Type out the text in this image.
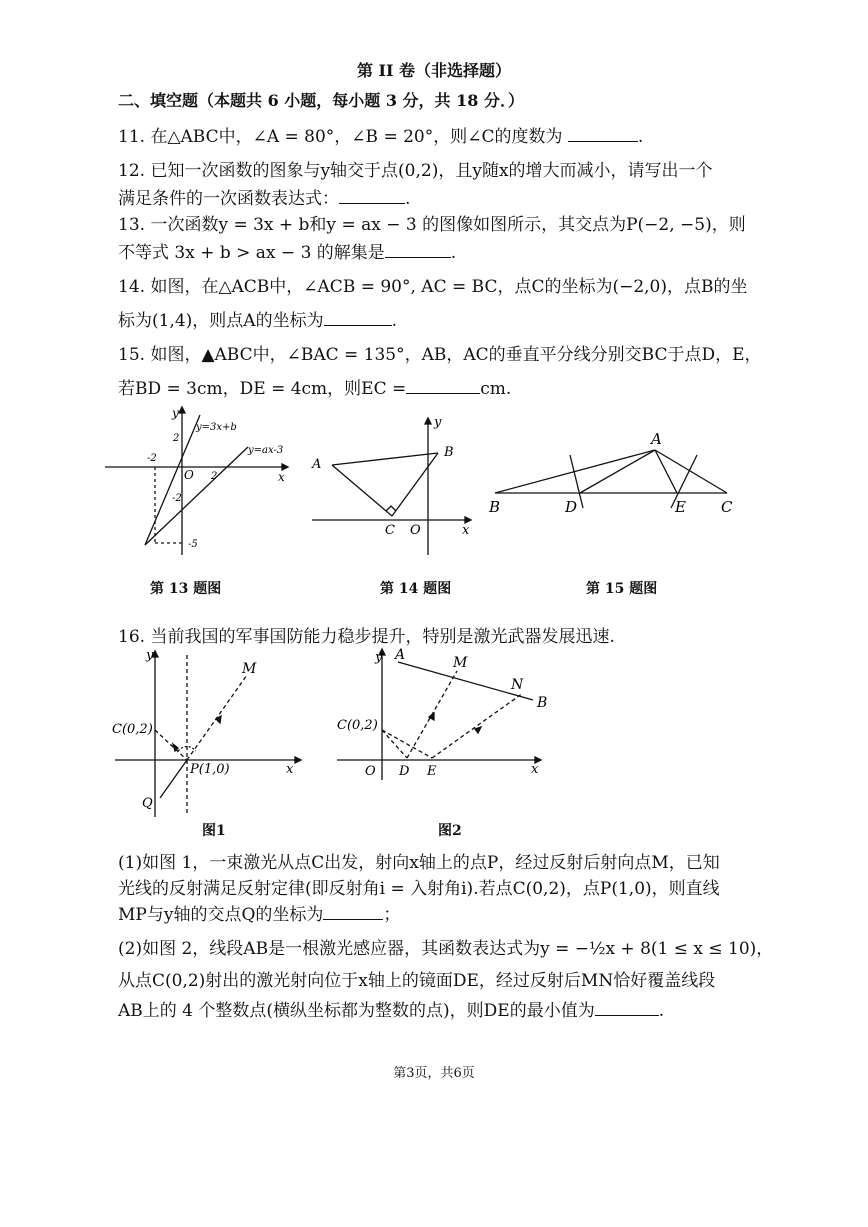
第 II 卷（非选择题）
二、填空题（本题共 6 小题，每小题 3 分，共 18 分．）
11. 在△ABC中，∠A = 80°，∠B = 20°，则∠C的度数为	.
12. 已知一次函数的图象与y轴交于点(0,2)，且y随x的增大而减小，请写出一个
满足条件的一次函数表达式：	.
13. 一次函数y = 3x + b和y = ax − 3 的图像如图所示，其交点为P(−2, −5)，则
不等式 3x + b > ax − 3 的解集是	.
14. 如图，在△ACB中，∠ACB = 90°, AC = BC，点C的坐标为(−2,0)，点B的坐
标为(1,4)，则点A的坐标为	.
15. 如图，▲ABC中，∠BAC = 135°，AB，AC的垂直平分线分别交BC于点D，E，
若BD = 3cm，DE = 4cm，则EC =	cm.
y
x
O
y=3x+b
y=ax-3
-2
2
2
-2
-5
第 13 题图
A
B
C O	x
y
第 14 题图
A
B	C
D	E
第 15 题图
16. 当前我国的军事国防能力稳步提升，特别是激光武器发展迅速.
y
x
M
C(0,2)
P(1,0)
Q
图1
y
x
A
B
M
N
C(0,2)
O D E
图2
(1)如图 1，一束激光从点C出发，射向x轴上的点P，经过反射后射向点M，已知
光线的反射满足反射定律(即反射角i = 入射角i).若点C(0,2)，点P(1,0)，则直线
MP与y轴的交点Q的坐标为	；
(2)如图 2，线段AB是一根激光感应器，其函数表达式为y = −½x + 8(1 ≤ x ≤ 10)，
从点C(0,2)射出的激光射向位于x轴上的镜面DE，经过反射后MN恰好覆盖线段
AB上的 4 个整数点(横纵坐标都为整数的点)，则DE的最小值为	.
第3页，共6页
